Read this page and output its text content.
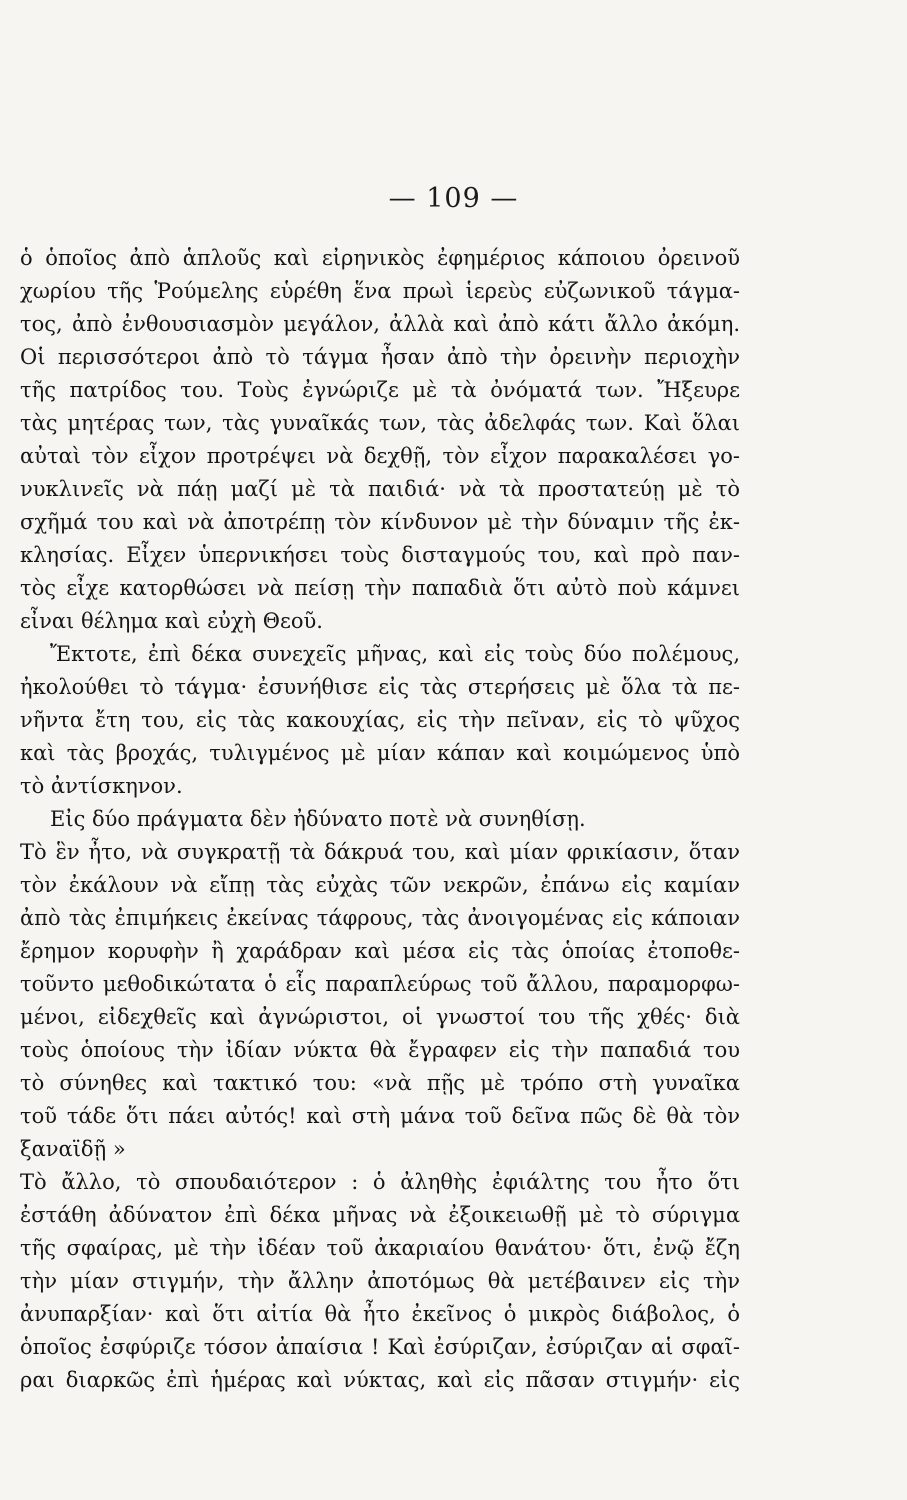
— 109 —
ὁ ὁποῖος ἀπὸ ἁπλοῦς καὶ εἰρηνικὸς ἐφημέριος κάποιου ὀρεινοῦ
χωρίου τῆς Ῥούμελης εὑρέθη ἕνα πρωὶ ἱερεὺς εὐζωνικοῦ τάγμα-
τος, ἀπὸ ἐνθουσιασμὸν μεγάλον, ἀλλὰ καὶ ἀπὸ κάτι ἄλλο ἀκόμη.
Οἱ περισσότεροι ἀπὸ τὸ τάγμα ἦσαν ἀπὸ τὴν ὀρεινὴν περιοχὴν
τῆς πατρίδος του. Τοὺς ἐγνώριζε μὲ τὰ ὀνόματά των. Ἤξευρε
τὰς μητέρας των, τὰς γυναῖκάς των, τὰς ἀδελφάς των. Καὶ ὅλαι
αὐταὶ τὸν εἶχον προτρέψει νὰ δεχθῇ, τὸν εἶχον παρακαλέσει γο-
νυκλινεῖς νὰ πάῃ μαζί μὲ τὰ παιδιά· νὰ τὰ προστατεύῃ μὲ τὸ
σχῆμά του καὶ νὰ ἀποτρέπῃ τὸν κίνδυνον μὲ τὴν δύναμιν τῆς ἐκ-
κλησίας. Εἶχεν ὑπερνικήσει τοὺς δισταγμούς του, καὶ πρὸ παν-
τὸς εἶχε κατορθώσει νὰ πείσῃ τὴν παπαδιὰ ὅτι αὐτὸ ποὺ κάμνει
εἶναι θέλημα καὶ εὐχὴ Θεοῦ.
Ἔκτοτε, ἐπὶ δέκα συνεχεῖς μῆνας, καὶ εἰς τοὺς δύο πολέμους,
ἠκολούθει τὸ τάγμα· ἐσυνήθισε εἰς τὰς στερήσεις μὲ ὅλα τὰ πε-
νῆντα ἔτη του, εἰς τὰς κακουχίας, εἰς τὴν πεῖναν, εἰς τὸ ψῦχος
καὶ τὰς βροχάς, τυλιγμένος μὲ μίαν κάπαν καὶ κοιμώμενος ὑπὸ
τὸ ἀντίσκηνον.
Εἰς δύο πράγματα δὲν ἠδύνατο ποτὲ νὰ συνηθίσῃ.
Τὸ ἓν ἦτο, νὰ συγκρατῇ τὰ δάκρυά του, καὶ μίαν φρικίασιν, ὅταν
τὸν ἐκάλουν νὰ εἴπῃ τὰς εὐχὰς τῶν νεκρῶν, ἐπάνω εἰς καμίαν
ἀπὸ τὰς ἐπιμήκεις ἐκείνας τάφρους, τὰς ἀνοιγομένας εἰς κάποιαν
ἔρημον κορυφὴν ἢ χαράδραν καὶ μέσα εἰς τὰς ὁποίας ἐτοποθε-
τοῦντο μεθοδικώτατα ὁ εἷς παραπλεύρως τοῦ ἄλλου, παραμορφω-
μένοι, εἰδεχθεῖς καὶ ἀγνώριστοι, οἱ γνωστοί του τῆς χθές· διὰ
τοὺς ὁποίους τὴν ἰδίαν νύκτα θὰ ἔγραφεν εἰς τὴν παπαδιά του
τὸ σύνηθες καὶ τακτικό του: «νὰ πῇς μὲ τρόπο στὴ γυναῖκα
τοῦ τάδε ὅτι πάει αὐτός! καὶ στὴ μάνα τοῦ δεῖνα πῶς δὲ θὰ τὸν
ξαναϊδῇ »
Τὸ ἄλλο, τὸ σπουδαιότερον : ὁ ἀληθὴς ἐφιάλτης του ἦτο ὅτι
ἐστάθη ἀδύνατον ἐπὶ δέκα μῆνας νὰ ἐξοικειωθῇ μὲ τὸ σύριγμα
τῆς σφαίρας, μὲ τὴν ἰδέαν τοῦ ἀκαριαίου θανάτου· ὅτι, ἐνῷ ἔζη
τὴν μίαν στιγμήν, τὴν ἄλλην ἀποτόμως θὰ μετέβαινεν εἰς τὴν
ἀνυπαρξίαν· καὶ ὅτι αἰτία θὰ ἦτο ἐκεῖνος ὁ μικρὸς διάβολος, ὁ
ὁποῖος ἐσφύριζε τόσον ἀπαίσια ! Καὶ ἐσύριζαν, ἐσύριζαν αἱ σφαῖ-
ραι διαρκῶς ἐπὶ ἡμέρας καὶ νύκτας, καὶ εἰς πᾶσαν στιγμήν· εἰς
